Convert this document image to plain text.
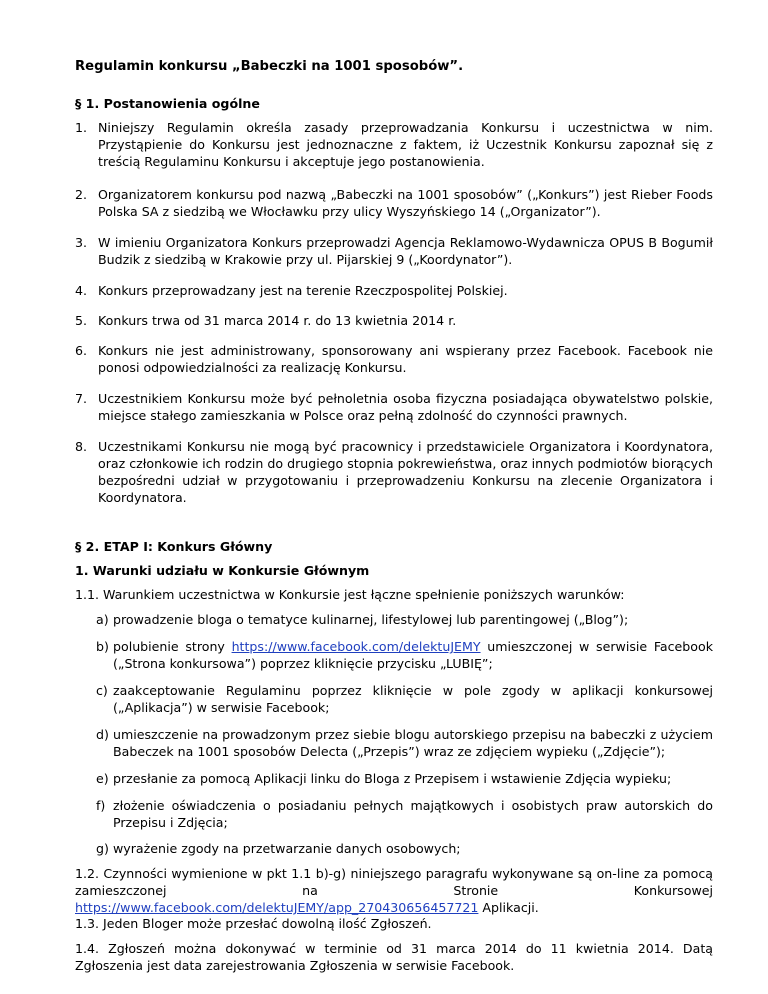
Regulamin konkursu „Babeczki na 1001 sposobów”.
§ 1. Postanowienia ogólne
1. Niniejszy Regulamin określa zasady przeprowadzania Konkursu i uczestnictwa w nim. Przystąpienie do Konkursu jest jednoznaczne z faktem, iż Uczestnik Konkursu zapoznał się z treścią Regulaminu Konkursu i akceptuje jego postanowienia.
2. Organizatorem konkursu pod nazwą „Babeczki na 1001 sposobów” („Konkurs”) jest Rieber Foods Polska SA z siedzibą we Włocławku przy ulicy Wyszyńskiego 14 („Organizator”).
3. W imieniu Organizatora Konkurs przeprowadzi Agencja Reklamowo-Wydawnicza OPUS B Bogumił Budzik z siedzibą w Krakowie przy ul. Pijarskiej 9 („Koordynator”).
4. Konkurs przeprowadzany jest na terenie Rzeczpospolitej Polskiej.
5. Konkurs trwa od 31 marca 2014 r. do 13 kwietnia 2014 r.
6. Konkurs nie jest administrowany, sponsorowany ani wspierany przez Facebook. Facebook nie ponosi odpowiedzialności za realizację Konkursu.
7. Uczestnikiem Konkursu może być pełnoletnia osoba fizyczna posiadająca obywatelstwo polskie, miejsce stałego zamieszkania w Polsce oraz pełną zdolność do czynności prawnych.
8. Uczestnikami Konkursu nie mogą być pracownicy i przedstawiciele Organizatora i Koordynatora, oraz członkowie ich rodzin do drugiego stopnia pokrewieństwa, oraz innych podmiotów biorących bezpośredni udział w przygotowaniu i przeprowadzeniu Konkursu na zlecenie Organizatora i Koordynatora.
§ 2. ETAP I: Konkurs Główny
1. Warunki udziału w Konkursie Głównym
1.1. Warunkiem uczestnictwa w Konkursie jest łączne spełnienie poniższych warunków:
a) prowadzenie bloga o tematyce kulinarnej, lifestylowej lub parentingowej („Blog”);
b) polubienie strony https://www.facebook.com/delektuJEMY umieszczonej w serwisie Facebook („Strona konkursowa”) poprzez kliknięcie przycisku „LUBIĘ”;
c) zaakceptowanie Regulaminu poprzez kliknięcie w pole zgody w aplikacji konkursowej („Aplikacja”) w serwisie Facebook;
d) umieszczenie na prowadzonym przez siebie blogu autorskiego przepisu na babeczki z użyciem Babeczek na 1001 sposobów Delecta („Przepis”) wraz ze zdjęciem wypieku („Zdjęcie”);
e) przesłanie za pomocą Aplikacji linku do Bloga z Przepisem i wstawienie Zdjęcia wypieku;
f) złożenie oświadczenia o posiadaniu pełnych majątkowych i osobistych praw autorskich do Przepisu i Zdjęcia;
g) wyrażenie zgody na przetwarzanie danych osobowych;
1.2. Czynności wymienione w pkt 1.1 b)-g) niniejszego paragrafu wykonywane są on-line za pomocą zamieszczonej na Stronie Konkursowej https://www.facebook.com/delektuJEMY/app_270430656457721 Aplikacji.
1.3. Jeden Bloger może przesłać dowolną ilość Zgłoszeń.
1.4. Zgłoszeń można dokonywać w terminie od 31 marca 2014 do 11 kwietnia 2014. Datą Zgłoszenia jest data zarejestrowania Zgłoszenia w serwisie Facebook.
